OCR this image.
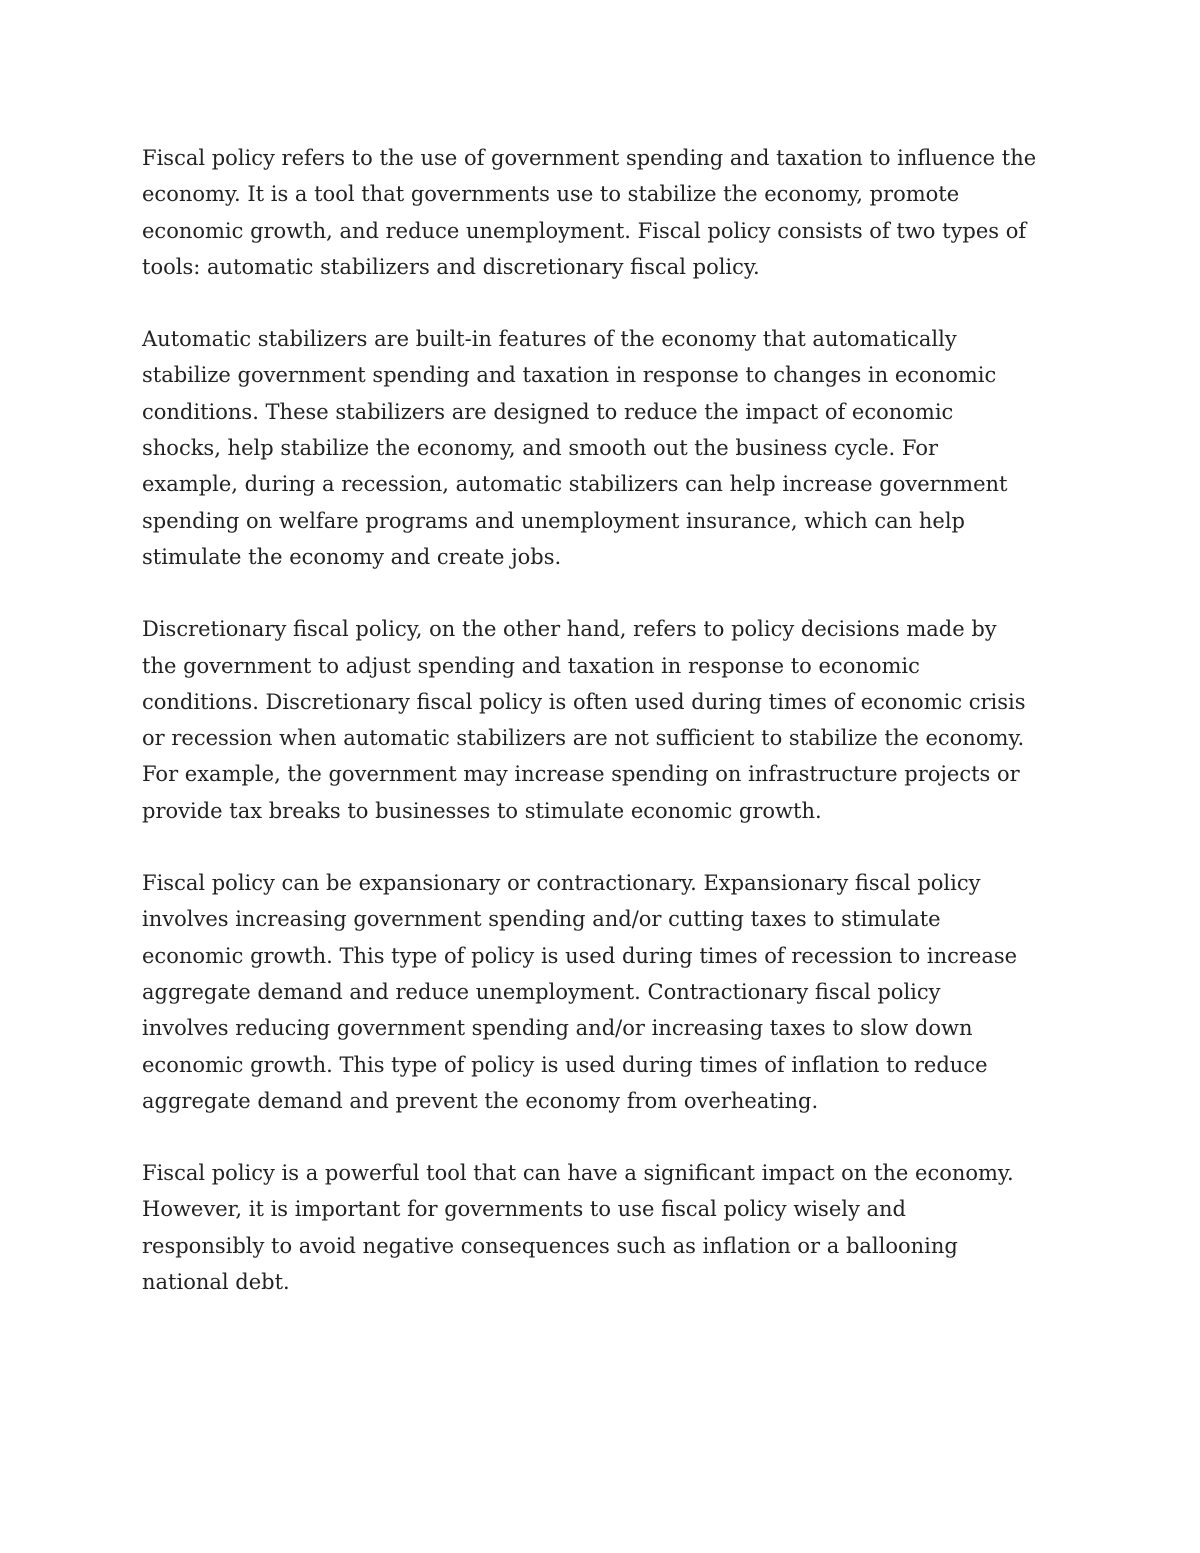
Fiscal policy refers to the use of government spending and taxation to influence the
economy. It is a tool that governments use to stabilize the economy, promote
economic growth, and reduce unemployment. Fiscal policy consists of two types of
tools: automatic stabilizers and discretionary fiscal policy.

Automatic stabilizers are built-in features of the economy that automatically
stabilize government spending and taxation in response to changes in economic
conditions. These stabilizers are designed to reduce the impact of economic
shocks, help stabilize the economy, and smooth out the business cycle. For
example, during a recession, automatic stabilizers can help increase government
spending on welfare programs and unemployment insurance, which can help
stimulate the economy and create jobs.

Discretionary fiscal policy, on the other hand, refers to policy decisions made by
the government to adjust spending and taxation in response to economic
conditions. Discretionary fiscal policy is often used during times of economic crisis
or recession when automatic stabilizers are not sufficient to stabilize the economy.
For example, the government may increase spending on infrastructure projects or
provide tax breaks to businesses to stimulate economic growth.

Fiscal policy can be expansionary or contractionary. Expansionary fiscal policy
involves increasing government spending and/or cutting taxes to stimulate
economic growth. This type of policy is used during times of recession to increase
aggregate demand and reduce unemployment. Contractionary fiscal policy
involves reducing government spending and/or increasing taxes to slow down
economic growth. This type of policy is used during times of inflation to reduce
aggregate demand and prevent the economy from overheating.

Fiscal policy is a powerful tool that can have a significant impact on the economy.
However, it is important for governments to use fiscal policy wisely and
responsibly to avoid negative consequences such as inflation or a ballooning
national debt.
